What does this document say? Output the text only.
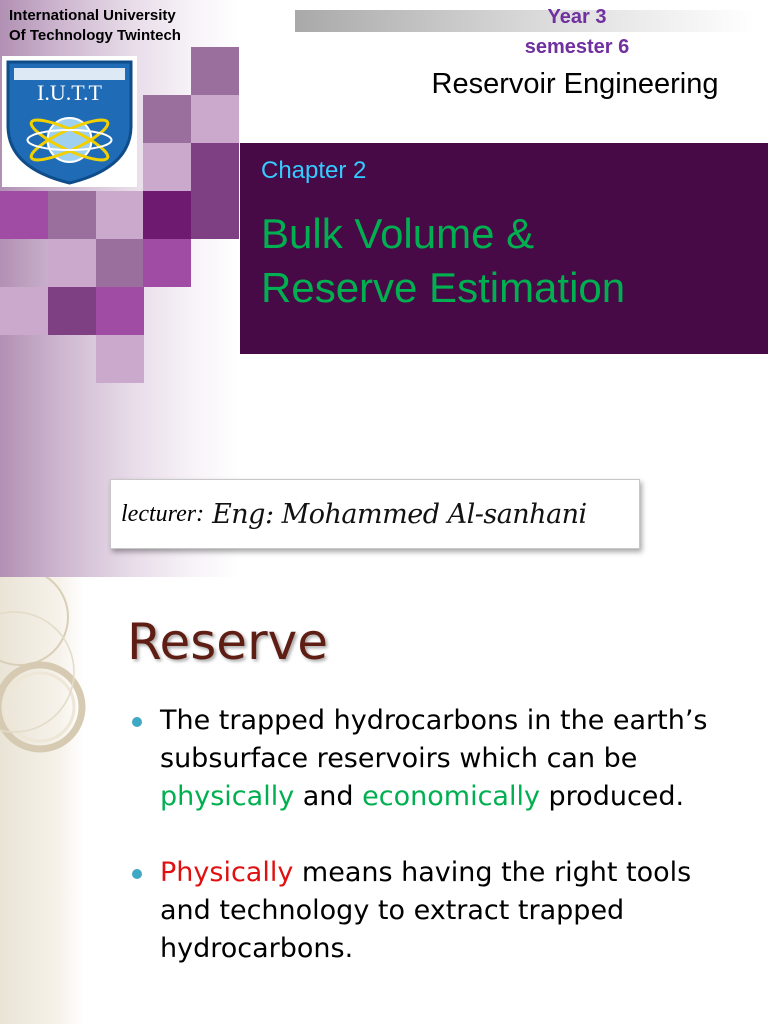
International University
Of Technology Twintech

I.U.T.T

Year 3

semester 6

Reservoir Engineering

Chapter 2

Bulk Volume &
Reserve Estimation
lecturer: Eng: Mohammed Al-sanhani
Reserve
The trapped hydrocarbons in the earth’s subsurface reservoirs which can be physically and economically produced.
Physically means having the right tools and technology to extract trapped hydrocarbons.
